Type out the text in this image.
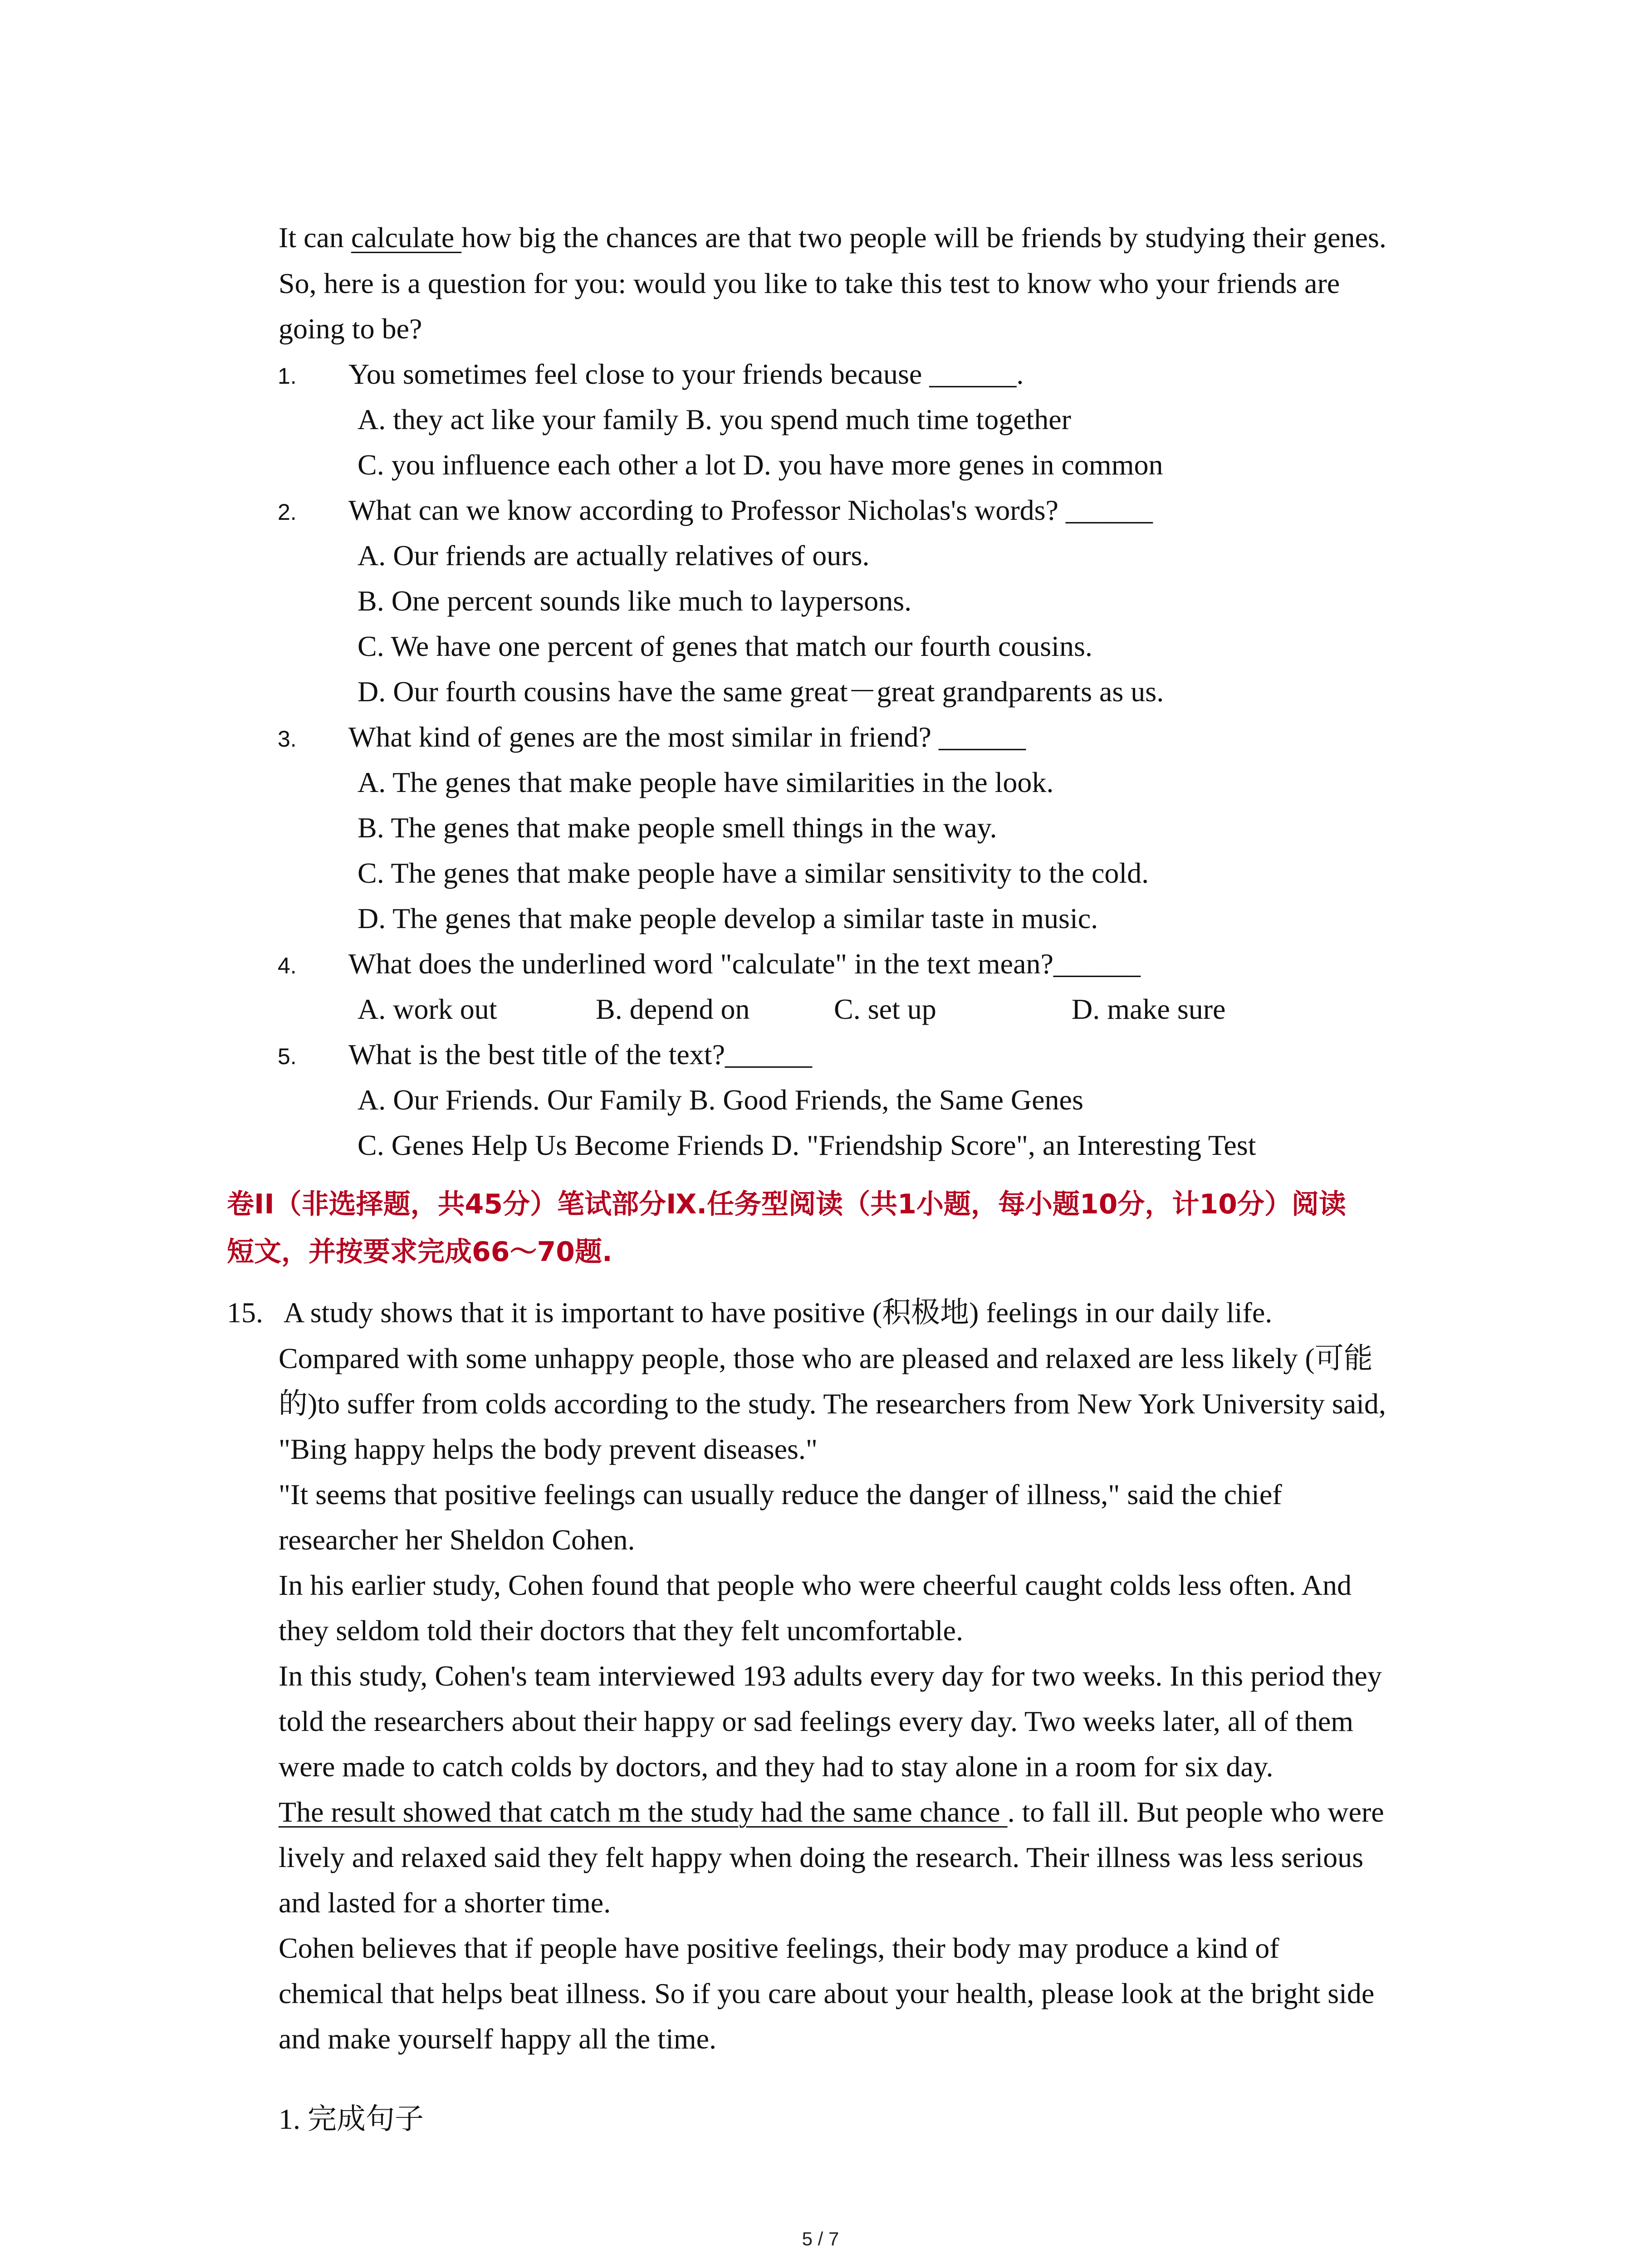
It can calculate how big the chances are that two people will be friends by studying their genes.
So, here is a question for you: would you like to take this test to know who your friends are
going to be?
1. You sometimes feel close to your friends because ______.
A. they act like your family B. you spend much time together
C. you influence each other a lot D. you have more genes in common
2. What can we know according to Professor Nicholas's words? ______
A. Our friends are actually relatives of ours.
B. One percent sounds like much to laypersons.
C. We have one percent of genes that match our fourth cousins.
D. Our fourth cousins have the same great－great grandparents as us.
3. What kind of genes are the most similar in friend? ______
A. The genes that make people have similarities in the look.
B. The genes that make people smell things in the way.
C. The genes that make people have a similar sensitivity to the cold.
D. The genes that make people develop a similar taste in music.
4. What does the underlined word "calculate" in the text mean?______
A. work out	B. depend on	C. set up	D. make sure
5. What is the best title of the text?______
A. Our Friends. Our Family B. Good Friends, the Same Genes
C. Genes Help Us Become Friends D. "Friendship Score", an Interesting Test
卷II（非选择题，共45分）笔试部分Ⅸ.任务型阅读（共1小题，每小题10分，计10分）阅读
短文，并按要求完成66～70题.
15. A study shows that it is important to have positive (积极地) feelings in our daily life.
Compared with some unhappy people, those who are pleased and relaxed are less likely (可能
的)to suffer from colds according to the study. The researchers from New York University said,
"Bing happy helps the body prevent diseases."
"It seems that positive feelings can usually reduce the danger of illness," said the chief
researcher her Sheldon Cohen.
In his earlier study, Cohen found that people who were cheerful caught colds less often. And
they seldom told their doctors that they felt uncomfortable.
In this study, Cohen's team interviewed 193 adults every day for two weeks. In this period they
told the researchers about their happy or sad feelings every day. Two weeks later, all of them
were made to catch colds by doctors, and they had to stay alone in a room for six day.
The result showed that catch m the study had the same chance . to fall ill. But people who were
lively and relaxed said they felt happy when doing the research. Their illness was less serious
and lasted for a shorter time.
Cohen believes that if people have positive feelings, their body may produce a kind of
chemical that helps beat illness. So if you care about your health, please look at the bright side
and make yourself happy all the time.
1. 完成句子
5 / 7
